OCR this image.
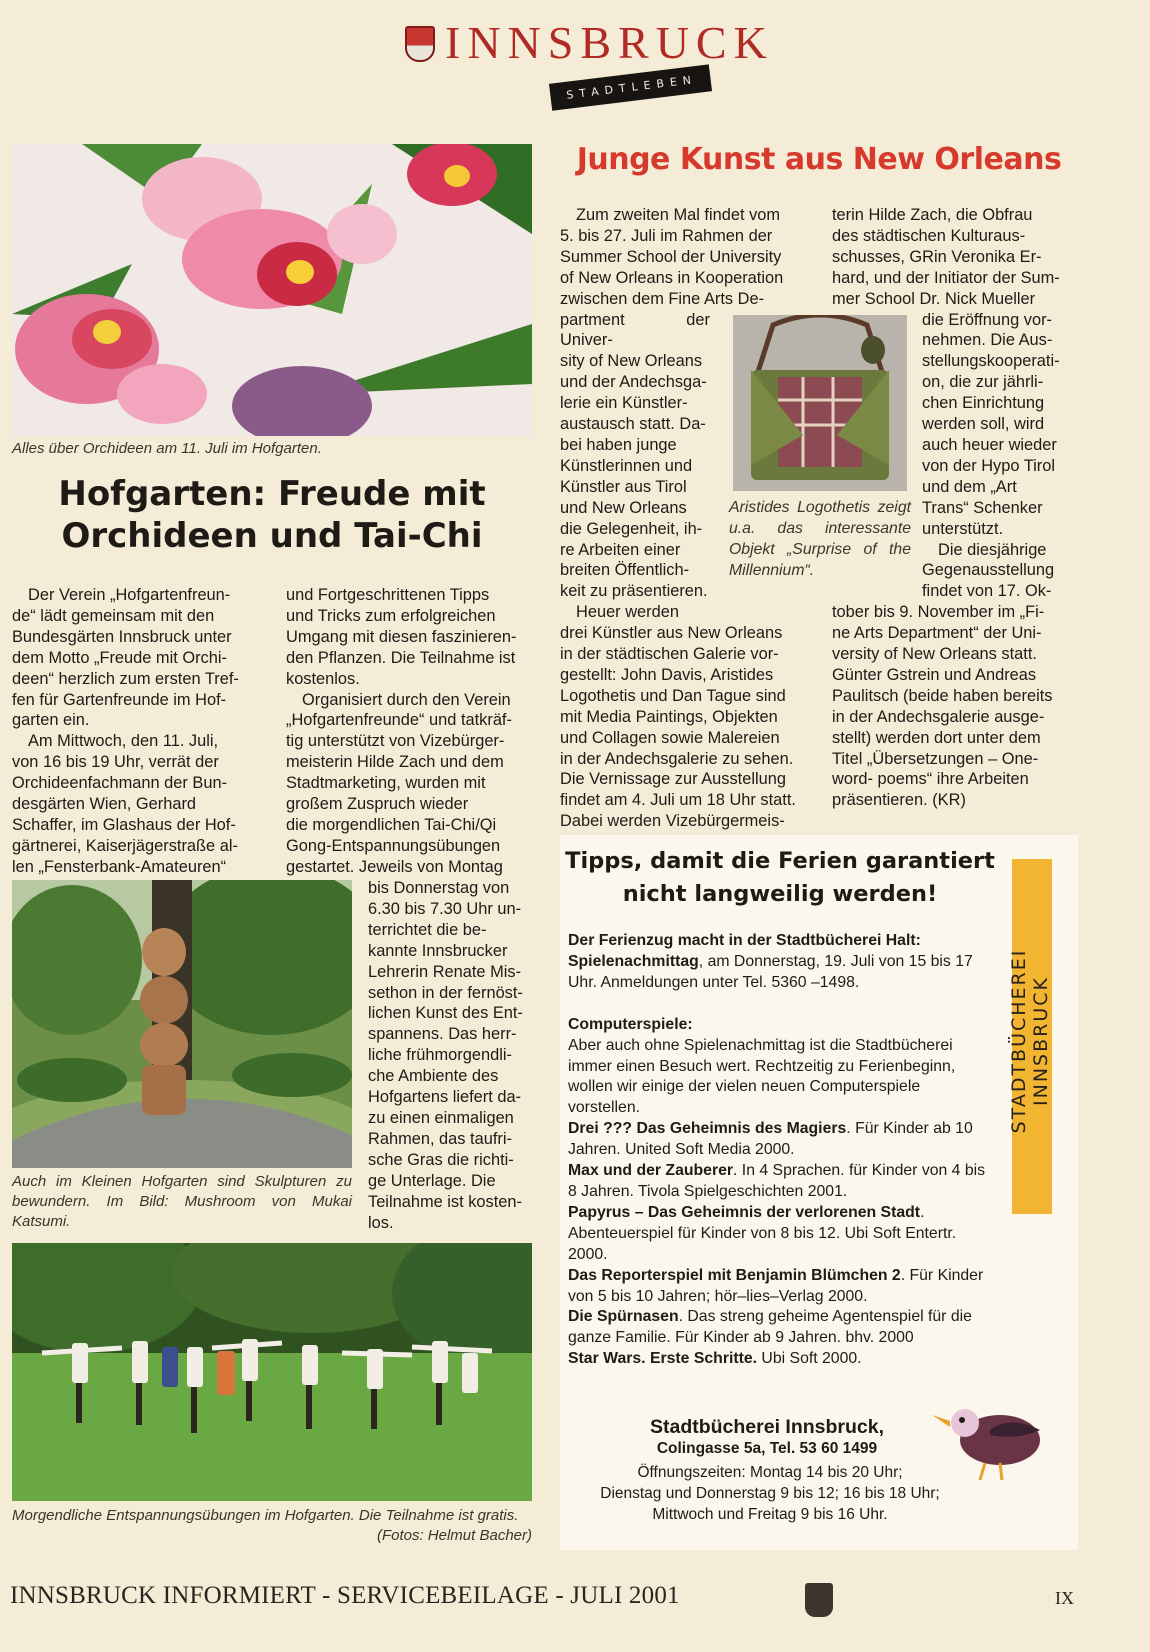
INNSBRUCK
STADTLEBEN
Alles über Orchideen am 11. Juli im Hofgarten.
Hofgarten: Freude mit
Orchideen und Tai-Chi

Der Verein „Hofgartenfreun-

de“ lädt gemeinsam mit den

Bundesgärten Innsbruck unter

dem Motto „Freude mit Orchi-

deen“ herzlich zum ersten Tref-

fen für Gartenfreunde im Hof-

garten ein.

Am Mittwoch, den 11. Juli,

von 16 bis 19 Uhr, verrät der

Orchideenfachmann der Bun-

desgärten Wien, Gerhard

Schaffer, im Glashaus der Hof-

gärtnerei, Kaiserjägerstraße al-

len „Fensterbank-Amateuren“

und Fortgeschrittenen Tipps

und Tricks zum erfolgreichen

Umgang mit diesen faszinieren-

den Pflanzen. Die Teilnahme ist

kostenlos.

Organisiert durch den Verein

„Hofgartenfreunde“ und tatkräf-

tig unterstützt von Vizebürger-

meisterin Hilde Zach und dem

Stadtmarketing, wurden mit

großem Zuspruch wieder

die morgendlichen Tai-Chi/Qi

Gong-Entspannungsübungen

gestartet. Jeweils von Montag

bis Donnerstag von

6.30 bis 7.30 Uhr un-

terrichtet die be-

kannte Innsbrucker

Lehrerin Renate Mis-

sethon in der fernöst-

lichen Kunst des Ent-

spannens. Das herr-

liche frühmorgendli-

che Ambiente des

Hofgartens liefert da-

zu einen einmaligen

Rahmen, das taufri-

sche Gras die richti-

ge Unterlage. Die

Teilnahme ist kosten-

los.

Auch im Kleinen Hofgarten sind Skulpturen zu bewundern. Im Bild: Mushroom von Mukai Katsumi.
Morgendliche Entspannungsübungen im Hofgarten. Die Teilnahme ist gratis.
(Fotos: Helmut Bacher)
Junge Kunst aus New Orleans

Zum zweiten Mal findet vom

5. bis 27. Juli im Rahmen der

Summer School der University

of New Orleans in Kooperation

zwischen dem Fine Arts De-

partment der Univer-

sity of New Orleans

und der Andechsga-

lerie ein Künstler-

austausch statt. Da-

bei haben junge

Künstlerinnen und

Künstler aus Tirol

und New Orleans

die Gelegenheit, ih-

re Arbeiten einer

breiten Öffentlich-

keit zu präsentieren.

Heuer werden

drei Künstler aus New Orleans

in der städtischen Galerie vor-

gestellt: John Davis, Aristides

Logothetis und Dan Tague sind

mit Media Paintings, Objekten

und Collagen sowie Malereien

in der Andechsgalerie zu sehen.

Die Vernissage zur Ausstellung

findet am 4. Juli um 18 Uhr statt.

Dabei werden Vizebürgermeis-

Aristides Logothetis zeigt u.a. das interessante Objekt „Surprise of the Millennium“.

terin Hilde Zach, die Obfrau

des städtischen Kulturaus-

schusses, GRin Veronika Er-

hard, und der Initiator der Sum-

mer School Dr. Nick Mueller

die Eröffnung vor-

nehmen. Die Aus-

stellungskooperati-

on, die zur jährli-

chen Einrichtung

werden soll, wird

auch heuer wieder

von der Hypo Tirol

und dem „Art

Trans“ Schenker

unterstützt.

Die diesjährige

Gegenausstellung

findet von 17. Ok-

tober bis 9. November im „Fi-

ne Arts Department“ der Uni-

versity of New Orleans statt.

Günter Gstrein und Andreas

Paulitsch (beide haben bereits

in der Andechsgalerie ausge-

stellt) werden dort unter dem

Titel „Übersetzungen – One-

word- poems“ ihre Arbeiten

präsentieren. (KR)

Tipps, damit die Ferien garantiert
nicht langweilig werden!
STADTBÜCHEREI INNSBRUCK

Der Ferienzug macht in der Stadtbücherei Halt:

Spielenachmittag, am Donnerstag, 19. Juli von 15 bis 17 Uhr. Anmeldungen unter Tel. 5360 –1498.

Computerspiele:

Aber auch ohne Spielenachmittag ist die Stadtbücherei immer einen Besuch wert. Rechtzeitig zu Ferienbeginn, wollen wir einige der vielen neuen Computerspiele vorstellen.

Drei ??? Das Geheimnis des Magiers. Für Kinder ab 10 Jahren. United Soft Media 2000.

Max und der Zauberer. In 4 Sprachen. für Kinder von 4 bis 8 Jahren. Tivola Spielgeschichten 2001.

Papyrus – Das Geheimnis der verlorenen Stadt. Abenteuerspiel für Kinder von 8 bis 12. Ubi Soft Entertr. 2000.

Das Reporterspiel mit Benjamin Blümchen 2. Für Kinder von 5 bis 10 Jahren; hör–lies–Verlag 2000.

Die Spürnasen. Das streng geheime Agentenspiel für die ganze Familie. Für Kinder ab 9 Jahren. bhv. 2000

Star Wars. Erste Schritte. Ubi Soft 2000.

Stadtbücherei Innsbruck,
Colingasse 5a, Tel. 53 60 1499
Öffnungszeiten: Montag 14 bis 20 Uhr;
Dienstag und Donnerstag 9 bis 12; 16 bis 18 Uhr;
Mittwoch und Freitag 9 bis 16 Uhr.
INNSBRUCK INFORMIERT - SERVICEBEILAGE - JULI 2001	IX
